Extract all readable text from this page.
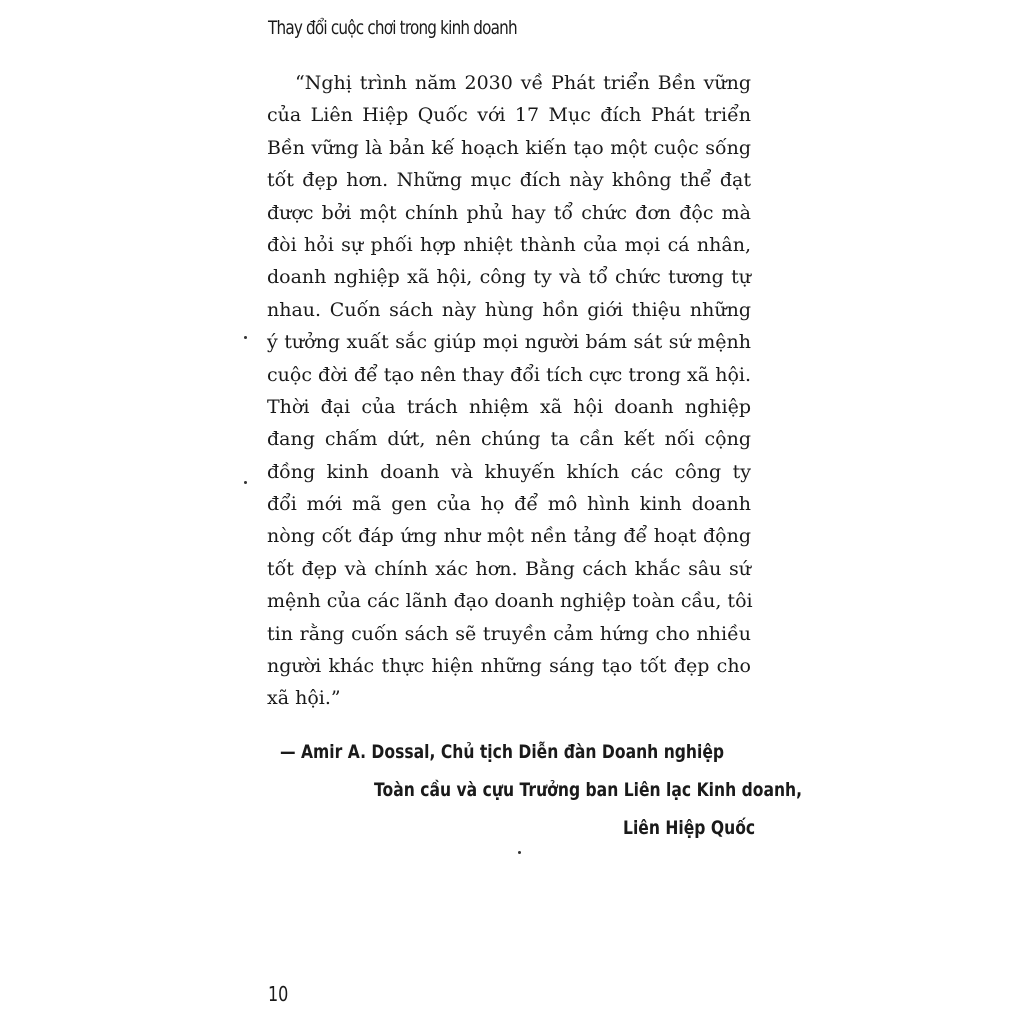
Thay đổi cuộc chơi trong kinh doanh
“Nghị trình năm 2030 về Phát triển Bền vững
của Liên Hiệp Quốc với 17 Mục đích Phát triển
Bền vững là bản kế hoạch kiến tạo một cuộc sống
tốt đẹp hơn. Những mục đích này không thể đạt
được bởi một chính phủ hay tổ chức đơn độc mà
đòi hỏi sự phối hợp nhiệt thành của mọi cá nhân,
doanh nghiệp xã hội, công ty và tổ chức tương tự
nhau. Cuốn sách này hùng hồn giới thiệu những
ý tưởng xuất sắc giúp mọi người bám sát sứ mệnh
cuộc đời để tạo nên thay đổi tích cực trong xã hội.
Thời đại của trách nhiệm xã hội doanh nghiệp
đang chấm dứt, nên chúng ta cần kết nối cộng
đồng kinh doanh và khuyến khích các công ty
đổi mới mã gen của họ để mô hình kinh doanh
nòng cốt đáp ứng như một nền tảng để hoạt động
tốt đẹp và chính xác hơn. Bằng cách khắc sâu sứ
mệnh của các lãnh đạo doanh nghiệp toàn cầu, tôi
tin rằng cuốn sách sẽ truyền cảm hứng cho nhiều
người khác thực hiện những sáng tạo tốt đẹp cho
xã hội.”
— Amir A. Dossal, Chủ tịch Diễn đàn Doanh nghiệp
Toàn cầu và cựu Trưởng ban Liên lạc Kinh doanh,
Liên Hiệp Quốc
10
